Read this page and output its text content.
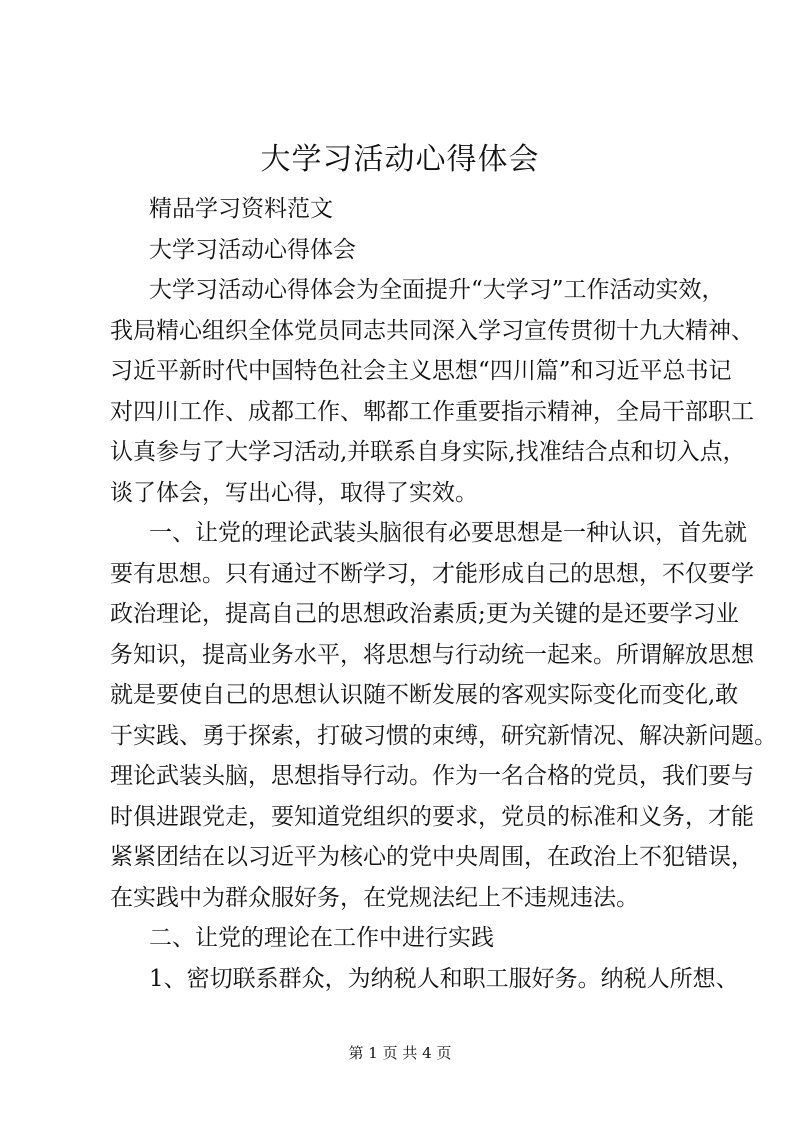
大学习活动心得体会
精品学习资料范文
大学习活动心得体会
大学习活动心得体会为全面提升“大学习”工作活动实效，
我局精心组织全体党员同志共同深入学习宣传贯彻十九大精神、
习近平新时代中国特色社会主义思想“四川篇”和习近平总书记
对四川工作、成都工作、郫都工作重要指示精神，全局干部职工
认真参与了大学习活动,并联系自身实际,找准结合点和切入点，
谈了体会，写出心得，取得了实效。
一、让党的理论武装头脑很有必要思想是一种认识，首先就
要有思想。只有通过不断学习，才能形成自己的思想，不仅要学
政治理论，提高自己的思想政治素质;更为关键的是还要学习业
务知识，提高业务水平，将思想与行动统一起来。所谓解放思想
就是要使自己的思想认识随不断发展的客观实际变化而变化,敢
于实践、勇于探索，打破习惯的束缚，研究新情况、解决新问题。
理论武装头脑，思想指导行动。作为一名合格的党员，我们要与
时俱进跟党走，要知道党组织的要求，党员的标准和义务，才能
紧紧团结在以习近平为核心的党中央周围，在政治上不犯错误，
在实践中为群众服好务，在党规法纪上不违规违法。
二、让党的理论在工作中进行实践
1、密切联系群众，为纳税人和职工服好务。纳税人所想、
第 1 页 共 4 页
